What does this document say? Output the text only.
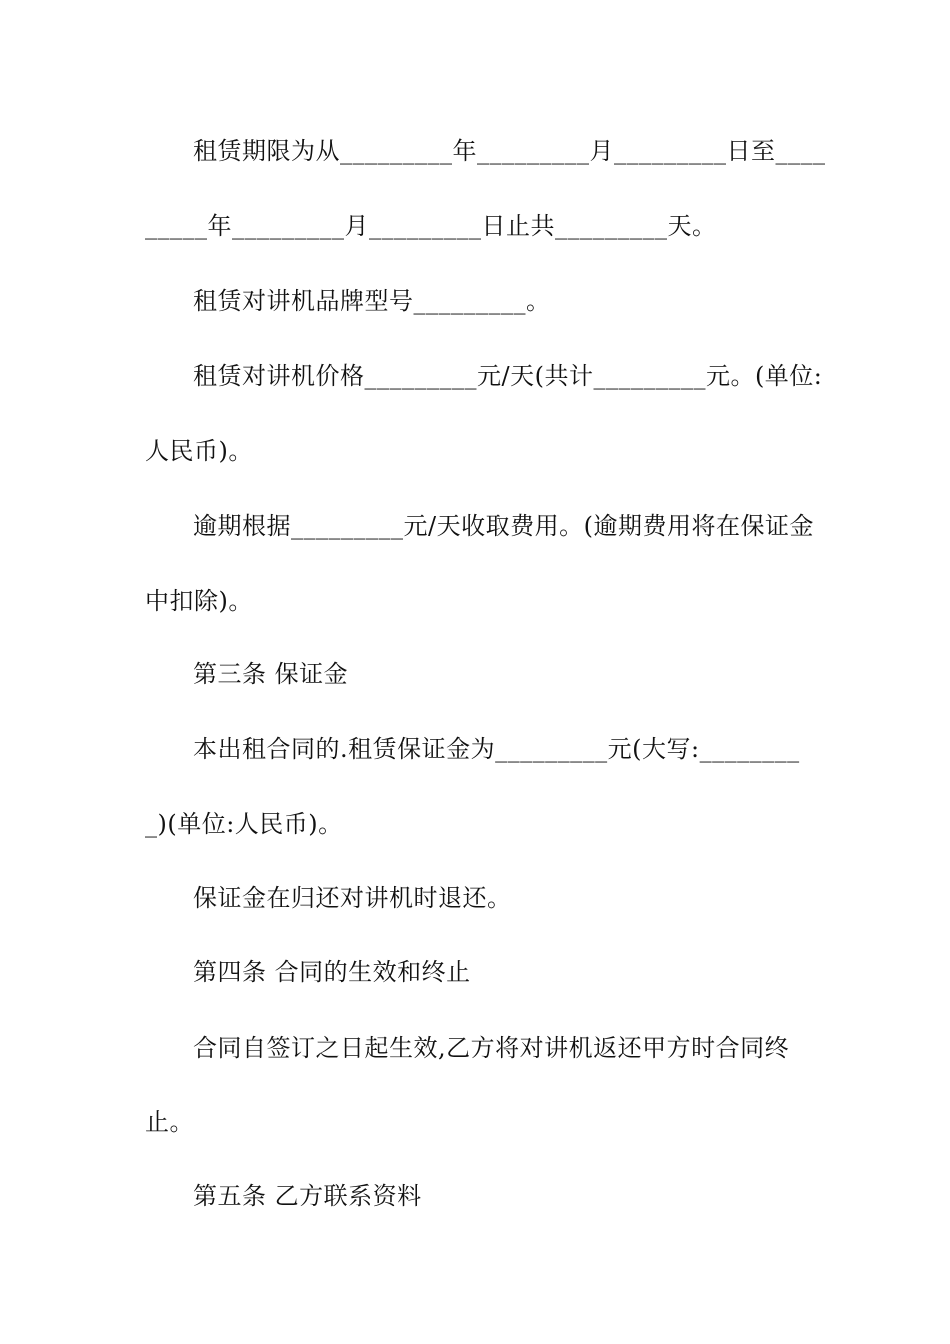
租赁期限为从_________年_________月_________日至____
_____年_________月_________日止共_________天。
租赁对讲机品牌型号_________。
租赁对讲机价格_________元/天(共计_________元。(单位:
人民币)。
逾期根据_________元/天收取费用。(逾期费用将在保证金
中扣除)。
第三条 保证金
本出租合同的.租赁保证金为_________元(大写:________
_)(单位:人民币)。
保证金在归还对讲机时退还。
第四条 合同的生效和终止
合同自签订之日起生效,乙方将对讲机返还甲方时合同终
止。
第五条 乙方联系资料
